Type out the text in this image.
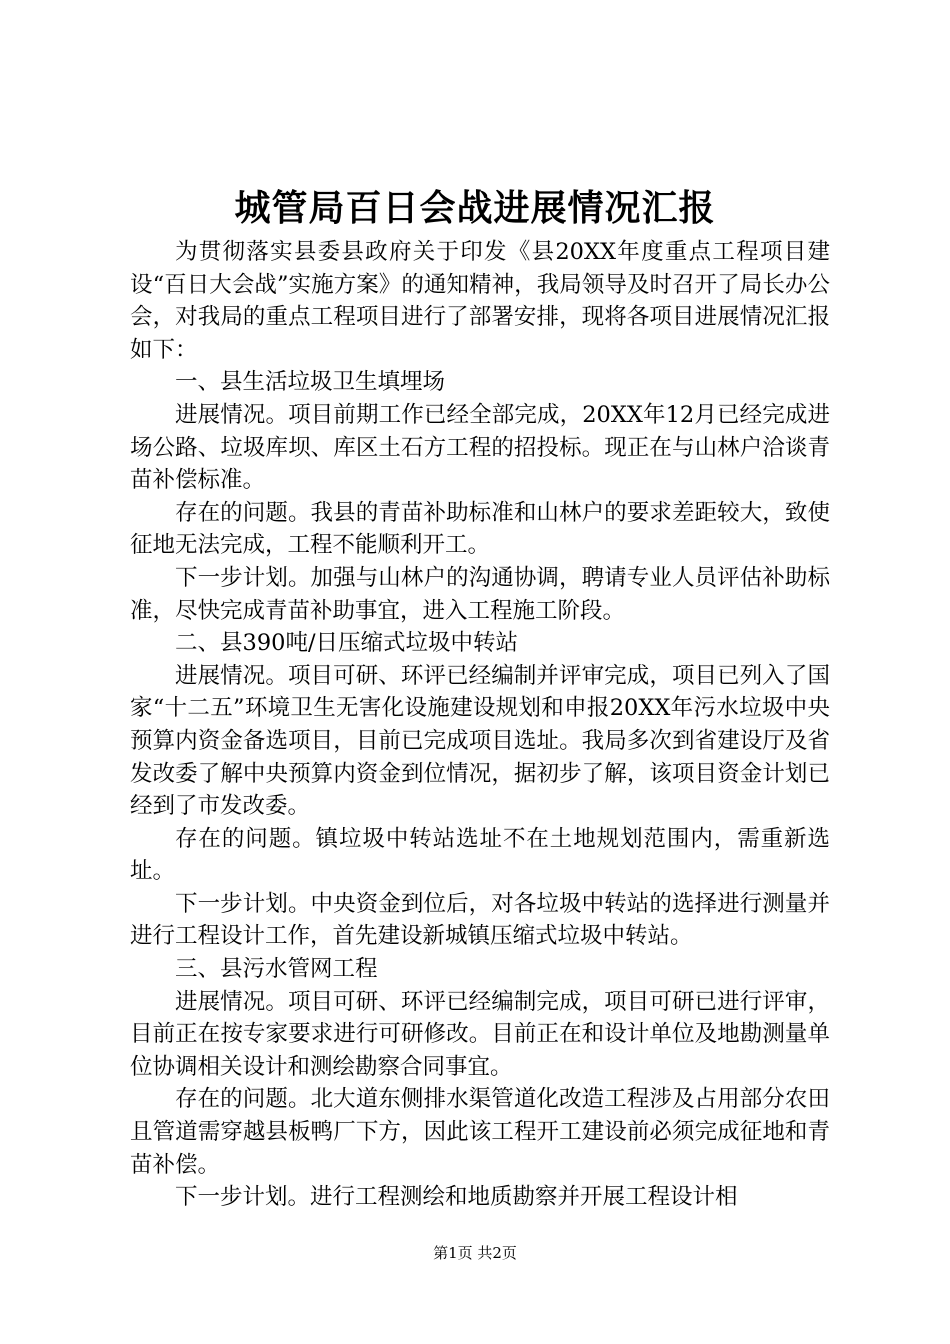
城管局百日会战进展情况汇报

为贯彻落实县委县政府关于印发《县20XX年度重点工程项目建设“百日大会战”实施方案》的通知精神，我局领导及时召开了局长办公会，对我局的重点工程项目进行了部署安排，现将各项目进展情况汇报如下：

一、县生活垃圾卫生填埋场

进展情况。项目前期工作已经全部完成，20XX年12月已经完成进场公路、垃圾库坝、库区土石方工程的招投标。现正在与山林户洽谈青苗补偿标准。

存在的问题。我县的青苗补助标准和山林户的要求差距较大，致使征地无法完成，工程不能顺利开工。

下一步计划。加强与山林户的沟通协调，聘请专业人员评估补助标准，尽快完成青苗补助事宜，进入工程施工阶段。

二、县390吨/日压缩式垃圾中转站

进展情况。项目可研、环评已经编制并评审完成，项目已列入了国家“十二五”环境卫生无害化设施建设规划和申报20XX年污水垃圾中央预算内资金备选项目，目前已完成项目选址。我局多次到省建设厅及省发改委了解中央预算内资金到位情况，据初步了解，该项目资金计划已经到了市发改委。

存在的问题。镇垃圾中转站选址不在土地规划范围内，需重新选址。

下一步计划。中央资金到位后，对各垃圾中转站的选择进行测量并进行工程设计工作，首先建设新城镇压缩式垃圾中转站。

三、县污水管网工程

进展情况。项目可研、环评已经编制完成，项目可研已进行评审，目前正在按专家要求进行可研修改。目前正在和设计单位及地勘测量单位协调相关设计和测绘勘察合同事宜。

存在的问题。北大道东侧排水渠管道化改造工程涉及占用部分农田且管道需穿越县板鸭厂下方，因此该工程开工建设前必须完成征地和青苗补偿。

下一步计划。进行工程测绘和地质勘察并开展工程设计相

第1页 共2页
